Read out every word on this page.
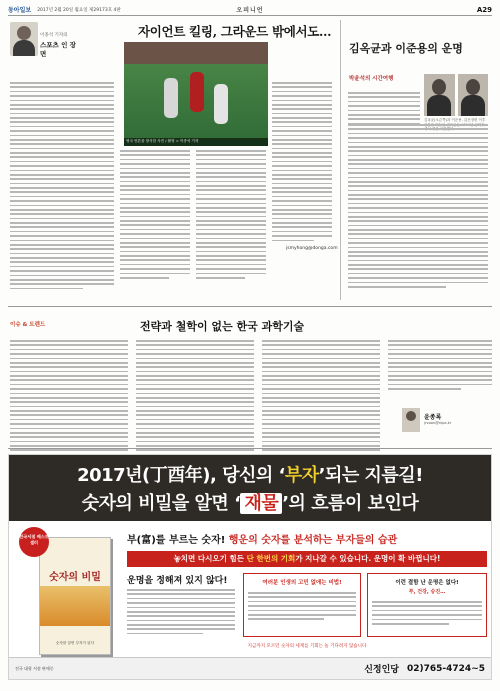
동아일보 2017년 2월 20일 월요일 제29173호 4판	오피니언	A29
이종석 기자의
스포츠 인 장면
자이언트 킬링, 그라운드 밖에서도…
영국 언론을 장식한 사진 / 촬영 = 이종석 기자
jsmyhong@donga.com
김옥균과 이준용의 운명
박윤석의 시간여행
김옥균(오른쪽)과 이준용. 갑신정변 이후
이슈 & 트렌드	전략과 철학이 없는 한국 과학기술
윤종록
jrvoon@nipa.kr
2017년(丁酉年), 당신의 ‘부자’되는 지름길!
숫자의 비밀을 알면 ‘ 재물 ’의 흐름이 보인다
숫자의 비밀
숫자를 알면 부자가 된다
전국서점 베스트 셀러	부(富)를 부르는 숫자! 행운의 숫자를 분석하는 부자들의 습관
놓치면 다시오기 힘든 단 한번의 기회가 지나갈 수 있습니다. 운명이 확 바뀝니다!
운명을 정해져 있지 않다!	여러분 인생의 고민 없애는 비법!	이런 결함 난 운명은 없다!
부, 건강, 승진…
지금까지 모르던 숫자의 세계를 기회는 놀 기다려지 않습니다
전국 대형 서점 판매중	신정인당 02)765-4724~5
